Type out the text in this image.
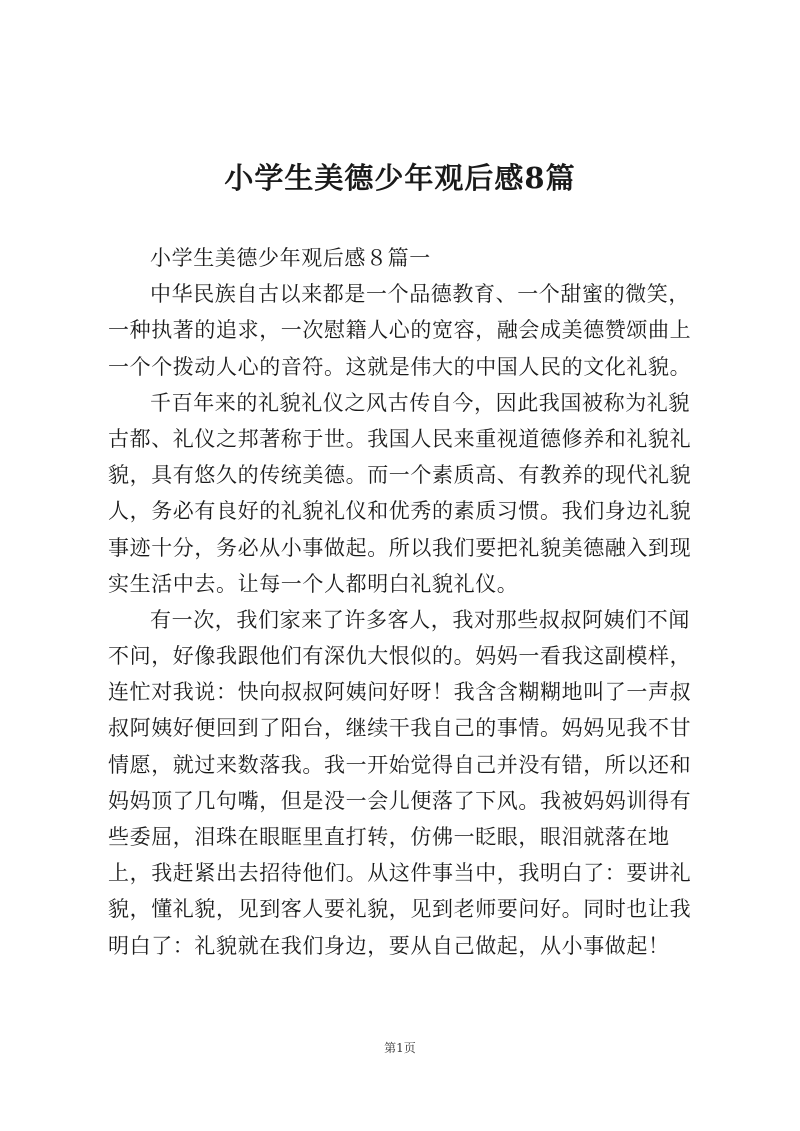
小学生美德少年观后感8篇
小学生美德少年观后感８篇一
中华民族自古以来都是一个品德教育、一个甜蜜的微笑，
一种执著的追求，一次慰籍人心的宽容，融会成美德赞颂曲上
一个个拨动人心的音符。这就是伟大的中国人民的文化礼貌。
千百年来的礼貌礼仪之风古传自今，因此我国被称为礼貌
古都、礼仪之邦著称于世。我国人民来重视道德修养和礼貌礼
貌，具有悠久的传统美德。而一个素质高、有教养的现代礼貌
人，务必有良好的礼貌礼仪和优秀的素质习惯。我们身边礼貌
事迹十分，务必从小事做起。所以我们要把礼貌美德融入到现
实生活中去。让每一个人都明白礼貌礼仪。
有一次，我们家来了许多客人，我对那些叔叔阿姨们不闻
不问，好像我跟他们有深仇大恨似的。妈妈一看我这副模样，
连忙对我说：快向叔叔阿姨问好呀！我含含糊糊地叫了一声叔
叔阿姨好便回到了阳台，继续干我自己的事情。妈妈见我不甘
情愿，就过来数落我。我一开始觉得自己并没有错，所以还和
妈妈顶了几句嘴，但是没一会儿便落了下风。我被妈妈训得有
些委屈，泪珠在眼眶里直打转，仿佛一眨眼，眼泪就落在地
上，我赶紧出去招待他们。从这件事当中，我明白了：要讲礼
貌，懂礼貌，见到客人要礼貌，见到老师要问好。同时也让我
明白了：礼貌就在我们身边，要从自己做起，从小事做起！
第1页
